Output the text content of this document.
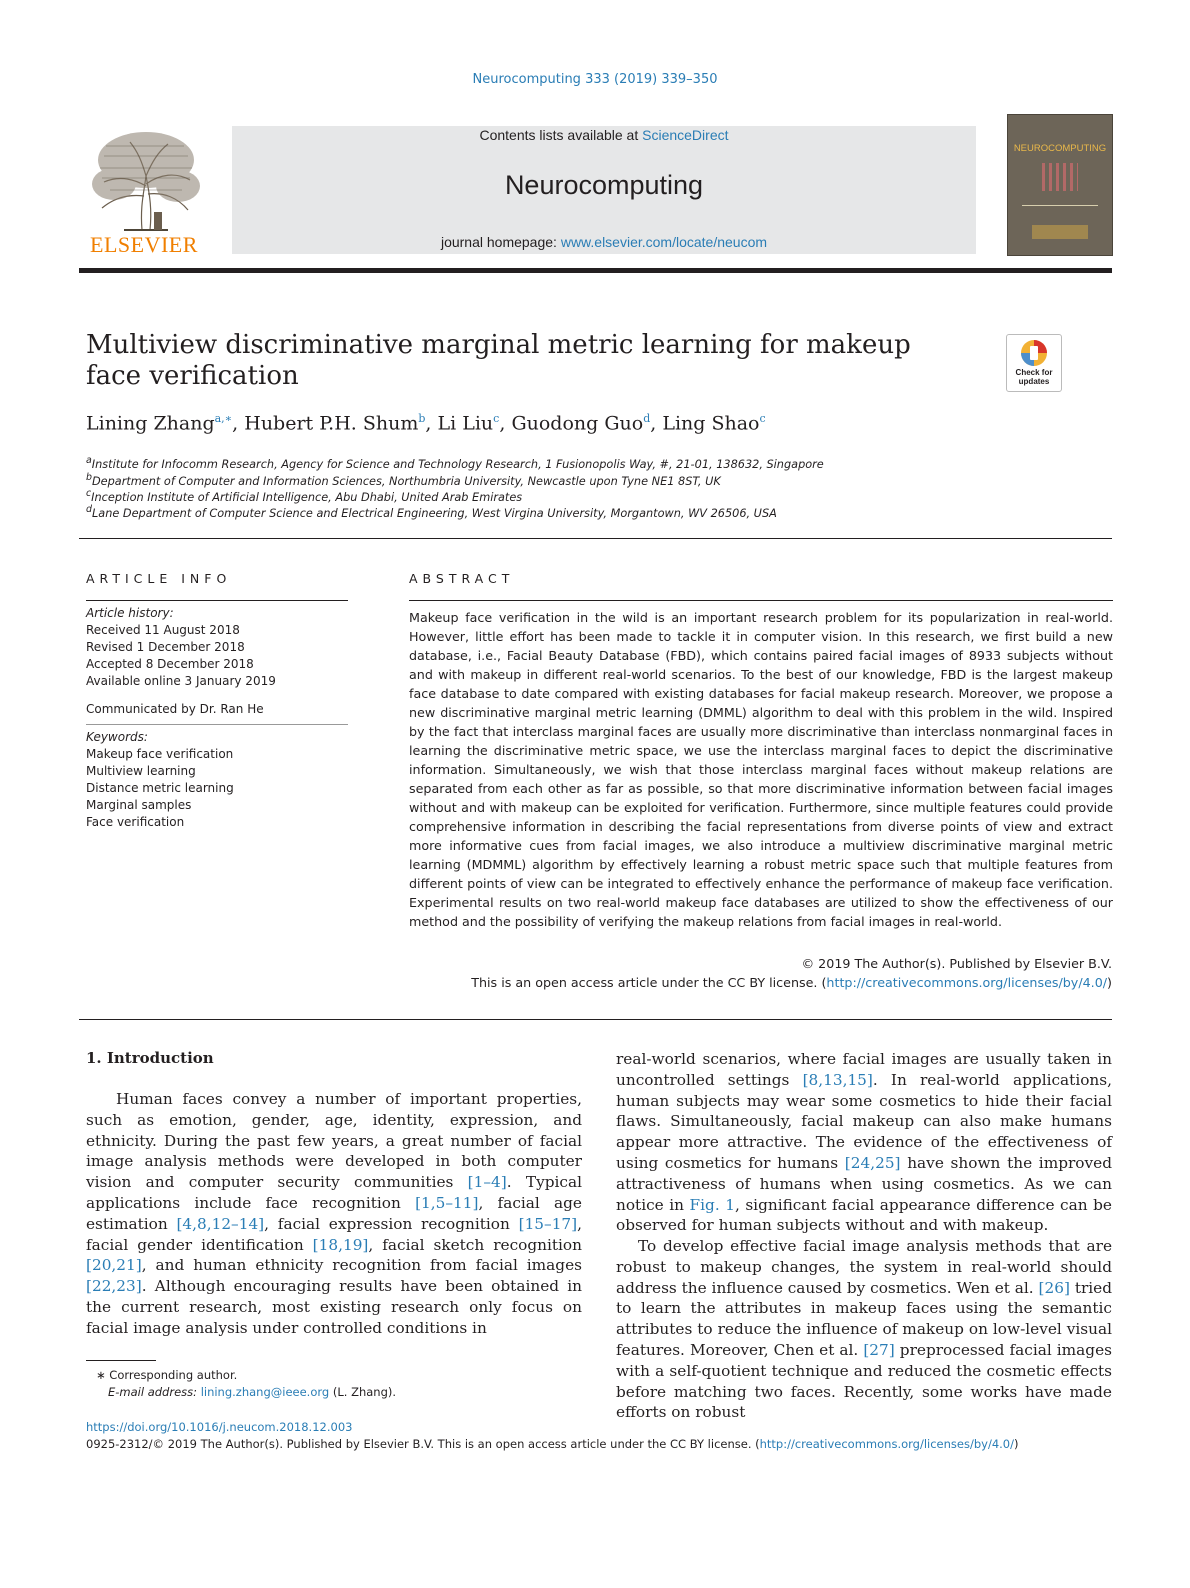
Neurocomputing 333 (2019) 339–350
ELSEVIER
Contents lists available at ScienceDirect
Neurocomputing
journal homepage: www.elsevier.com/locate/neucom
NEUROCOMPUTING
Multiview discriminative marginal metric learning for makeup face verification	Check for
updates
Lining Zhang$^{a,∗}$, Hubert P.H. Shum$^b$, Li Liu$^c$, Guodong Guo$^d$, Ling Shao$^c$
$^a$Institute for Infocomm Research, Agency for Science and Technology Research, 1 Fusionopolis Way, #, 21-01, 138632, Singapore
$^b$Department of Computer and Information Sciences, Northumbria University, Newcastle upon Tyne NE1 8ST, UK
$^c$Inception Institute of Artificial Intelligence, Abu Dhabi, United Arab Emirates
$^d$Lane Department of Computer Science and Electrical Engineering, West Virgina University, Morgantown, WV 26506, USA
ARTICLE INFO
Article history:
Received 11 August 2018
Revised 1 December 2018
Accepted 8 December 2018
Available online 3 January 2019
Communicated by Dr. Ran He
Keywords:
Makeup face verification
Multiview learning
Distance metric learning
Marginal samples
Face verification
ABSTRACT
Makeup face verification in the wild is an important research problem for its popularization in real-world. However, little effort has been made to tackle it in computer vision. In this research, we first build a new database, i.e., Facial Beauty Database (FBD), which contains paired facial images of 8933 subjects without and with makeup in different real-world scenarios. To the best of our knowledge, FBD is the largest makeup face database to date compared with existing databases for facial makeup research. Moreover, we propose a new discriminative marginal metric learning (DMML) algorithm to deal with this problem in the wild. Inspired by the fact that interclass marginal faces are usually more discriminative than interclass nonmarginal faces in learning the discriminative metric space, we use the interclass marginal faces to depict the discriminative information. Simultaneously, we wish that those interclass marginal faces without makeup relations are separated from each other as far as possible, so that more discriminative information between facial images without and with makeup can be exploited for verification. Furthermore, since multiple features could provide comprehensive information in describing the facial representations from diverse points of view and extract more informative cues from facial images, we also introduce a multiview discriminative marginal metric learning (MDMML) algorithm by effectively learning a robust metric space such that multiple features from different points of view can be integrated to effectively enhance the performance of makeup face verification. Experimental results on two real-world makeup face databases are utilized to show the effectiveness of our method and the possibility of verifying the makeup relations from facial images in real-world.
© 2019 The Author(s). Published by Elsevier B.V.
This is an open access article under the CC BY license. (http://creativecommons.org/licenses/by/4.0/)
1. Introduction
Human faces convey a number of important properties, such as emotion, gender, age, identity, expression, and ethnicity. During the past few years, a great number of facial image analysis methods were developed in both computer vision and computer security communities [1–4]. Typical applications include face recognition [1,5–11], facial age estimation [4,8,12–14], facial expression recognition [15–17], facial gender identification [18,19], facial sketch recognition [20,21], and human ethnicity recognition from facial images [22,23]. Although encouraging results have been obtained in the current research, most existing research only focus on facial image analysis under controlled conditions in
real-world scenarios, where facial images are usually taken in uncontrolled settings [8,13,15]. In real-world applications, human subjects may wear some cosmetics to hide their facial flaws. Simultaneously, facial makeup can also make humans appear more attractive. The evidence of the effectiveness of using cosmetics for humans [24,25] have shown the improved attractiveness of humans when using cosmetics. As we can notice in Fig. 1, significant facial appearance difference can be observed for human subjects without and with makeup.
To develop effective facial image analysis methods that are robust to makeup changes, the system in real-world should address the influence caused by cosmetics. Wen et al. [26] tried to learn the attributes in makeup faces using the semantic attributes to reduce the influence of makeup on low-level visual features. Moreover, Chen et al. [27] preprocessed facial images with a self-quotient technique and reduced the cosmetic effects before matching two faces. Recently, some works have made efforts on robust
∗ Corresponding author.
E-mail address: lining.zhang@ieee.org (L. Zhang).
https://doi.org/10.1016/j.neucom.2018.12.003
0925-2312/© 2019 The Author(s). Published by Elsevier B.V. This is an open access article under the CC BY license. (http://creativecommons.org/licenses/by/4.0/)
